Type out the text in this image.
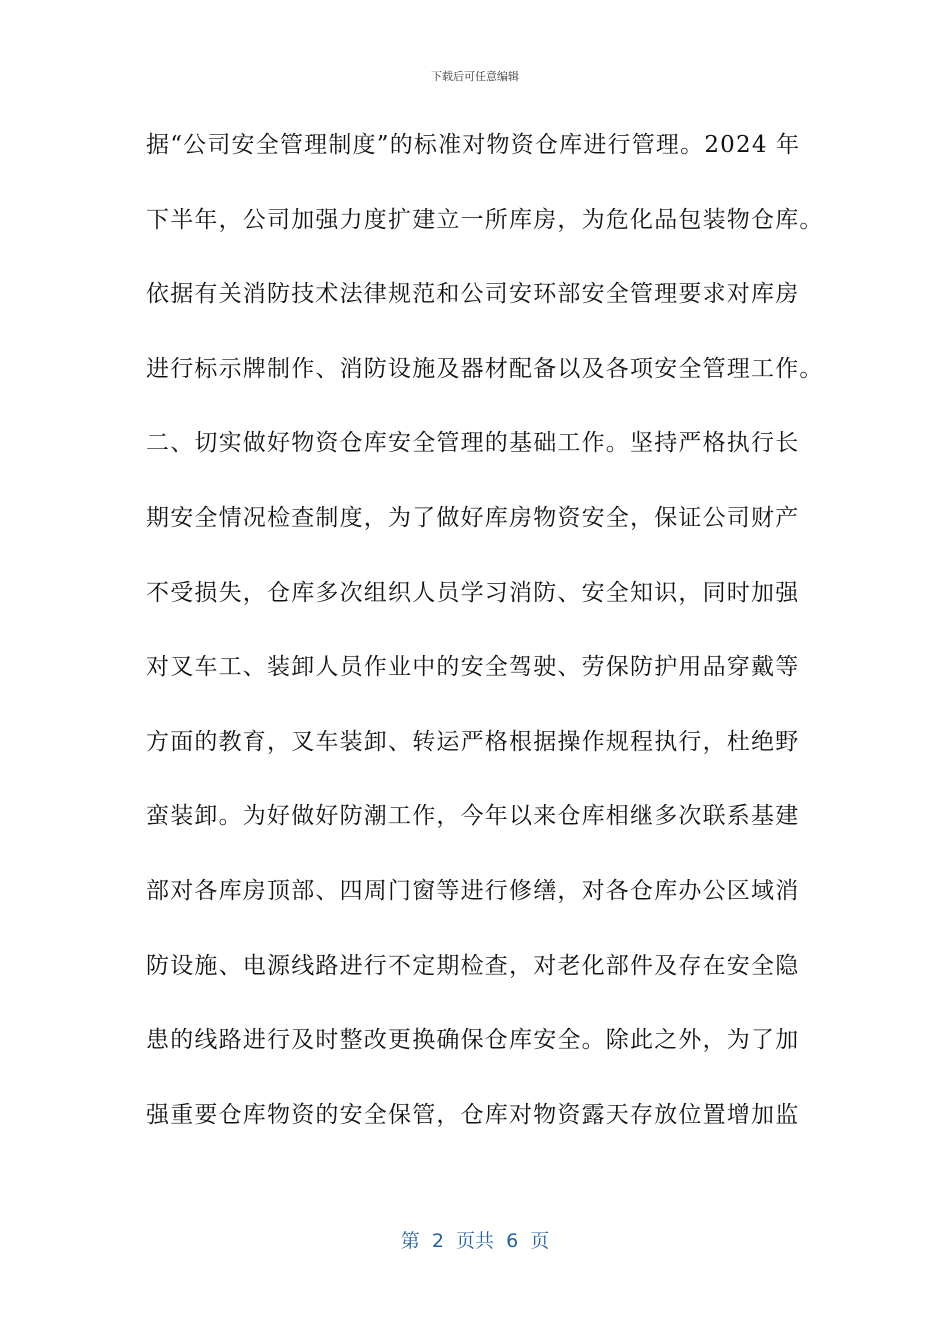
下载后可任意编辑
据“公司安全管理制度”的标准对物资仓库进行管理。2024 年
下半年，公司加强力度扩建立一所库房，为危化品包装物仓库。
依据有关消防技术法律规范和公司安环部安全管理要求对库房
进行标示牌制作、消防设施及器材配备以及各项安全管理工作。
二、切实做好物资仓库安全管理的基础工作。坚持严格执行长
期安全情况检查制度，为了做好库房物资安全，保证公司财产
不受损失，仓库多次组织人员学习消防、安全知识，同时加强
对叉车工、装卸人员作业中的安全驾驶、劳保防护用品穿戴等
方面的教育，叉车装卸、转运严格根据操作规程执行，杜绝野
蛮装卸。为好做好防潮工作，今年以来仓库相继多次联系基建
部对各库房顶部、四周门窗等进行修缮，对各仓库办公区域消
防设施、电源线路进行不定期检查，对老化部件及存在安全隐
患的线路进行及时整改更换确保仓库安全。除此之外，为了加
强重要仓库物资的安全保管，仓库对物资露天存放位置增加监
第  2  页共  6  页
